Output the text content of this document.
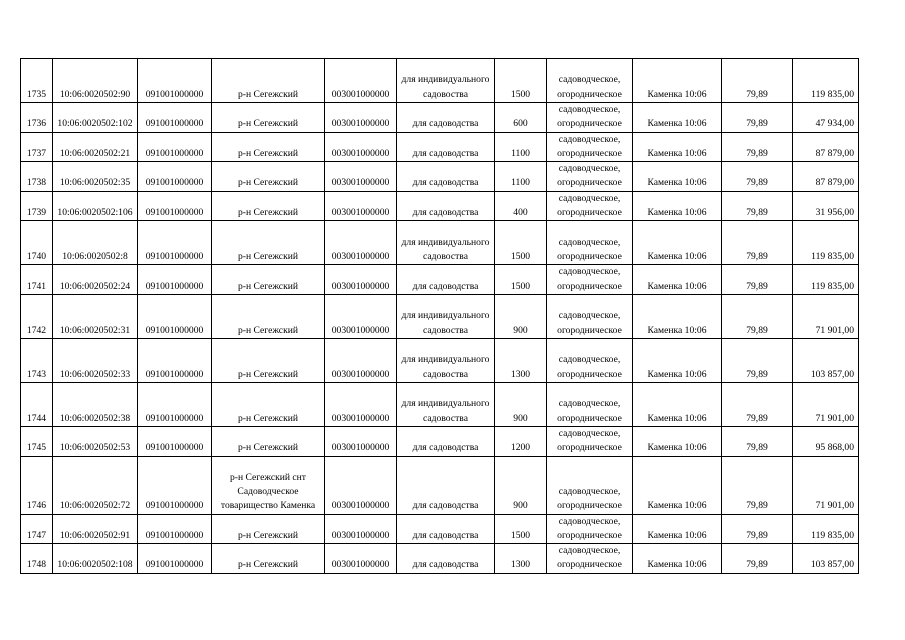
1735	10:06:0020502:90	091001000000	р-н Сегежский	003001000000	для индивидуального садовоства	1500	садоводческое, огородническое	Каменка 10:06	79,89	119 835,00
1736	10:06:0020502:102	091001000000	р-н Сегежский	003001000000	для садоводства	600	садоводческое, огородническое	Каменка 10:06	79,89	47 934,00
1737	10:06:0020502:21	091001000000	р-н Сегежский	003001000000	для садоводства	1100	садоводческое, огородническое	Каменка 10:06	79,89	87 879,00
1738	10:06:0020502:35	091001000000	р-н Сегежский	003001000000	для садоводства	1100	садоводческое, огородническое	Каменка 10:06	79,89	87 879,00
1739	10:06:0020502:106	091001000000	р-н Сегежский	003001000000	для садоводства	400	садоводческое, огородническое	Каменка 10:06	79,89	31 956,00
1740	10:06:0020502:8	091001000000	р-н Сегежский	003001000000	для индивидуального садовоства	1500	садоводческое, огородническое	Каменка 10:06	79,89	119 835,00
1741	10:06:0020502:24	091001000000	р-н Сегежский	003001000000	для садоводства	1500	садоводческое, огородническое	Каменка 10:06	79,89	119 835,00
1742	10:06:0020502:31	091001000000	р-н Сегежский	003001000000	для индивидуального садовоства	900	садоводческое, огородническое	Каменка 10:06	79,89	71 901,00
1743	10:06:0020502:33	091001000000	р-н Сегежский	003001000000	для индивидуального садовоства	1300	садоводческое, огородническое	Каменка 10:06	79,89	103 857,00
1744	10:06:0020502:38	091001000000	р-н Сегежский	003001000000	для индивидуального садовоства	900	садоводческое, огородническое	Каменка 10:06	79,89	71 901,00
1745	10:06:0020502:53	091001000000	р-н Сегежский	003001000000	для садоводства	1200	садоводческое, огородническое	Каменка 10:06	79,89	95 868,00
1746	10:06:0020502:72	091001000000	р-н Сегежский снт Садоводческое товарищество Каменка	003001000000	для садоводства	900	садоводческое, огородническое	Каменка 10:06	79,89	71 901,00
1747	10:06:0020502:91	091001000000	р-н Сегежский	003001000000	для садоводства	1500	садоводческое, огородническое	Каменка 10:06	79,89	119 835,00
1748	10:06:0020502:108	091001000000	р-н Сегежский	003001000000	для садоводства	1300	садоводческое, огородническое	Каменка 10:06	79,89	103 857,00
